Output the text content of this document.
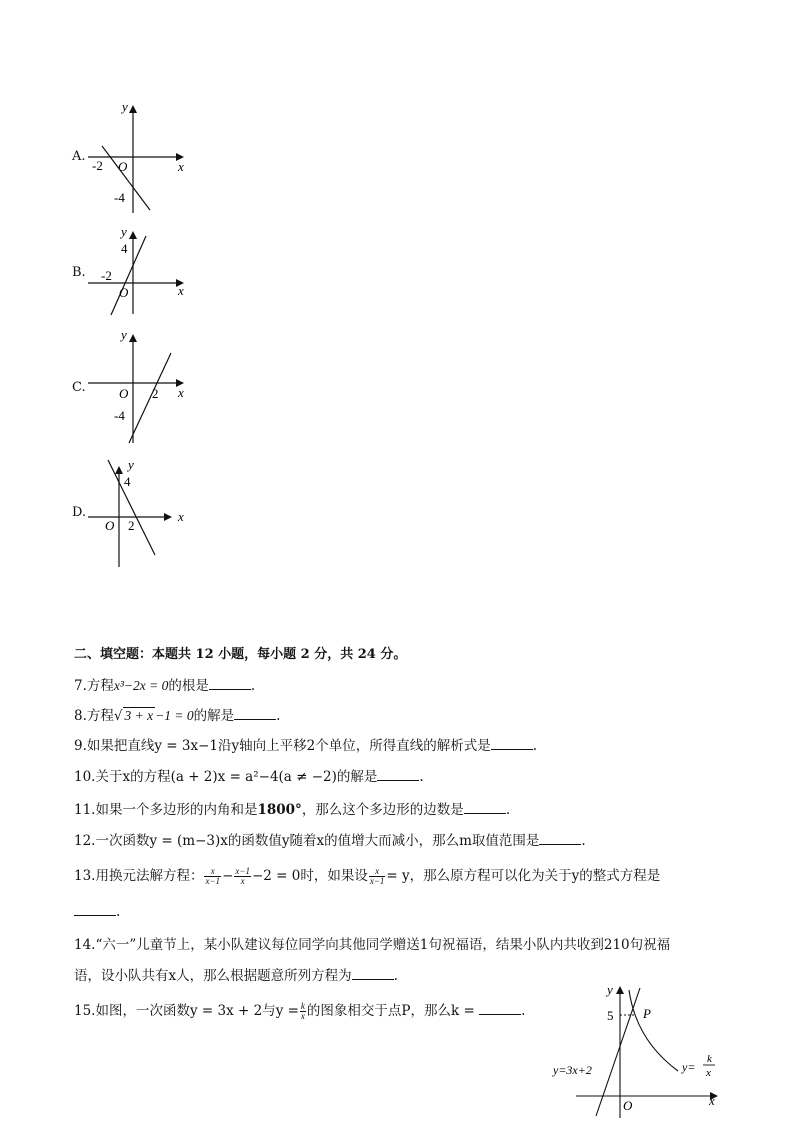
A.
y
x
O
-2
-4
B.
y
x
O
4
-2
C.
y
x
O 2
-4
D.
y
x
O
4
2
二、填空题：本题共 12 小题，每小题 2 分，共 24 分。
7.方程x³−2x = 0的根是	.
8.方程√ 3 + x −1 = 0的解是	.
9.如果把直线y = 3x−1沿y轴向上平移2个单位，所得直线的解析式是	.
10.关于x的方程(a + 2)x = a²−4(a ≠ −2)的解是	.
11.如果一个多边形的内角和是1800°，那么这个多边形的边数是	.
12.一次函数y = (m−3)x的函数值y随着x的值增大而减小，那么m取值范围是	.
13.用换元法解方程： $\frac{x}{x-1} - \frac{x-1}{x} -2 = 0$时，如果设 $\frac{x}{x-1} = y$，那么原方程可以化为关于y的整式方程是
.
14.“六一”儿童节上，某小队建议每位同学向其他同学赠送1句祝福语，结果小队内共收到210句祝福
语，设小队共有x人，那么根据题意所列方程为	.
15.如图，一次函数y = 3x + 2与$y = \frac{k}{x}$ 的图象相交于点P，那么k =	.
y
x
O
P
5
y=3x+2	y=
k
x
